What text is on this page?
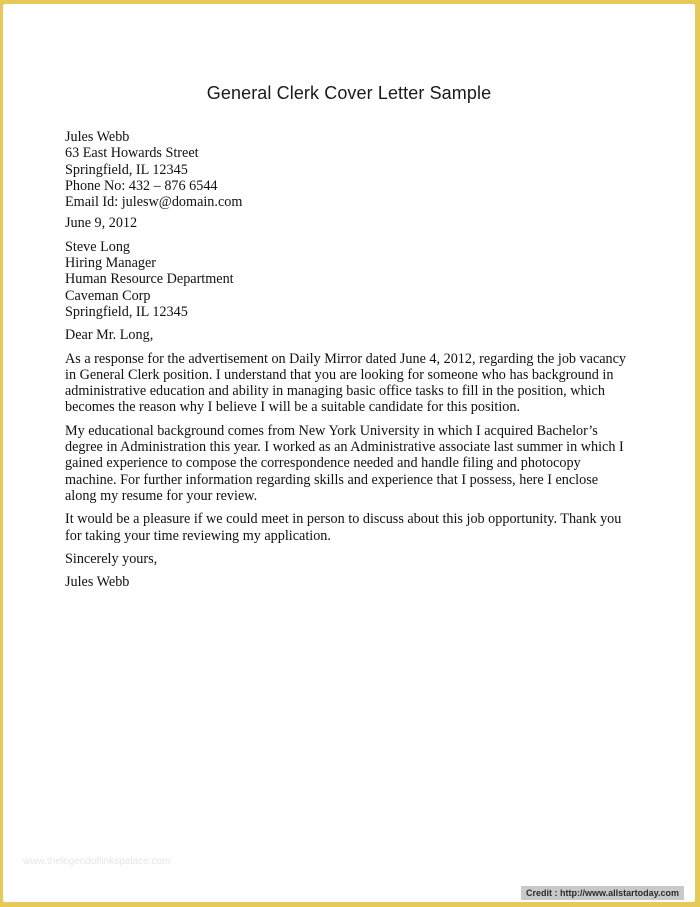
General Clerk Cover Letter Sample
Jules Webb
63 East Howards Street
Springfield, IL 12345
Phone No: 432 – 876 6544
Email Id: julesw@domain.com
June 9, 2012
Steve Long
Hiring Manager
Human Resource Department
Caveman Corp
Springfield, IL 12345
Dear Mr. Long,

As a response for the advertisement on Daily Mirror dated June 4, 2012, regarding the job vacancy in General Clerk position. I understand that you are looking for someone who has background in administrative education and ability in managing basic office tasks to fill in the position, which becomes the reason why I believe I will be a suitable candidate for this position.

My educational background comes from New York University in which I acquired Bachelor’s degree in Administration this year. I worked as an Administrative associate last summer in which I gained experience to compose the correspondence needed and handle filing and photocopy machine. For further information regarding skills and experience that I possess, here I enclose along my resume for your review.

It would be a pleasure if we could meet in person to discuss about this job opportunity. Thank you for taking your time reviewing my application.

Sincerely yours,
Jules Webb
www.thelegendoflinkspalace.com
Credit : http://www.allstartoday.com
